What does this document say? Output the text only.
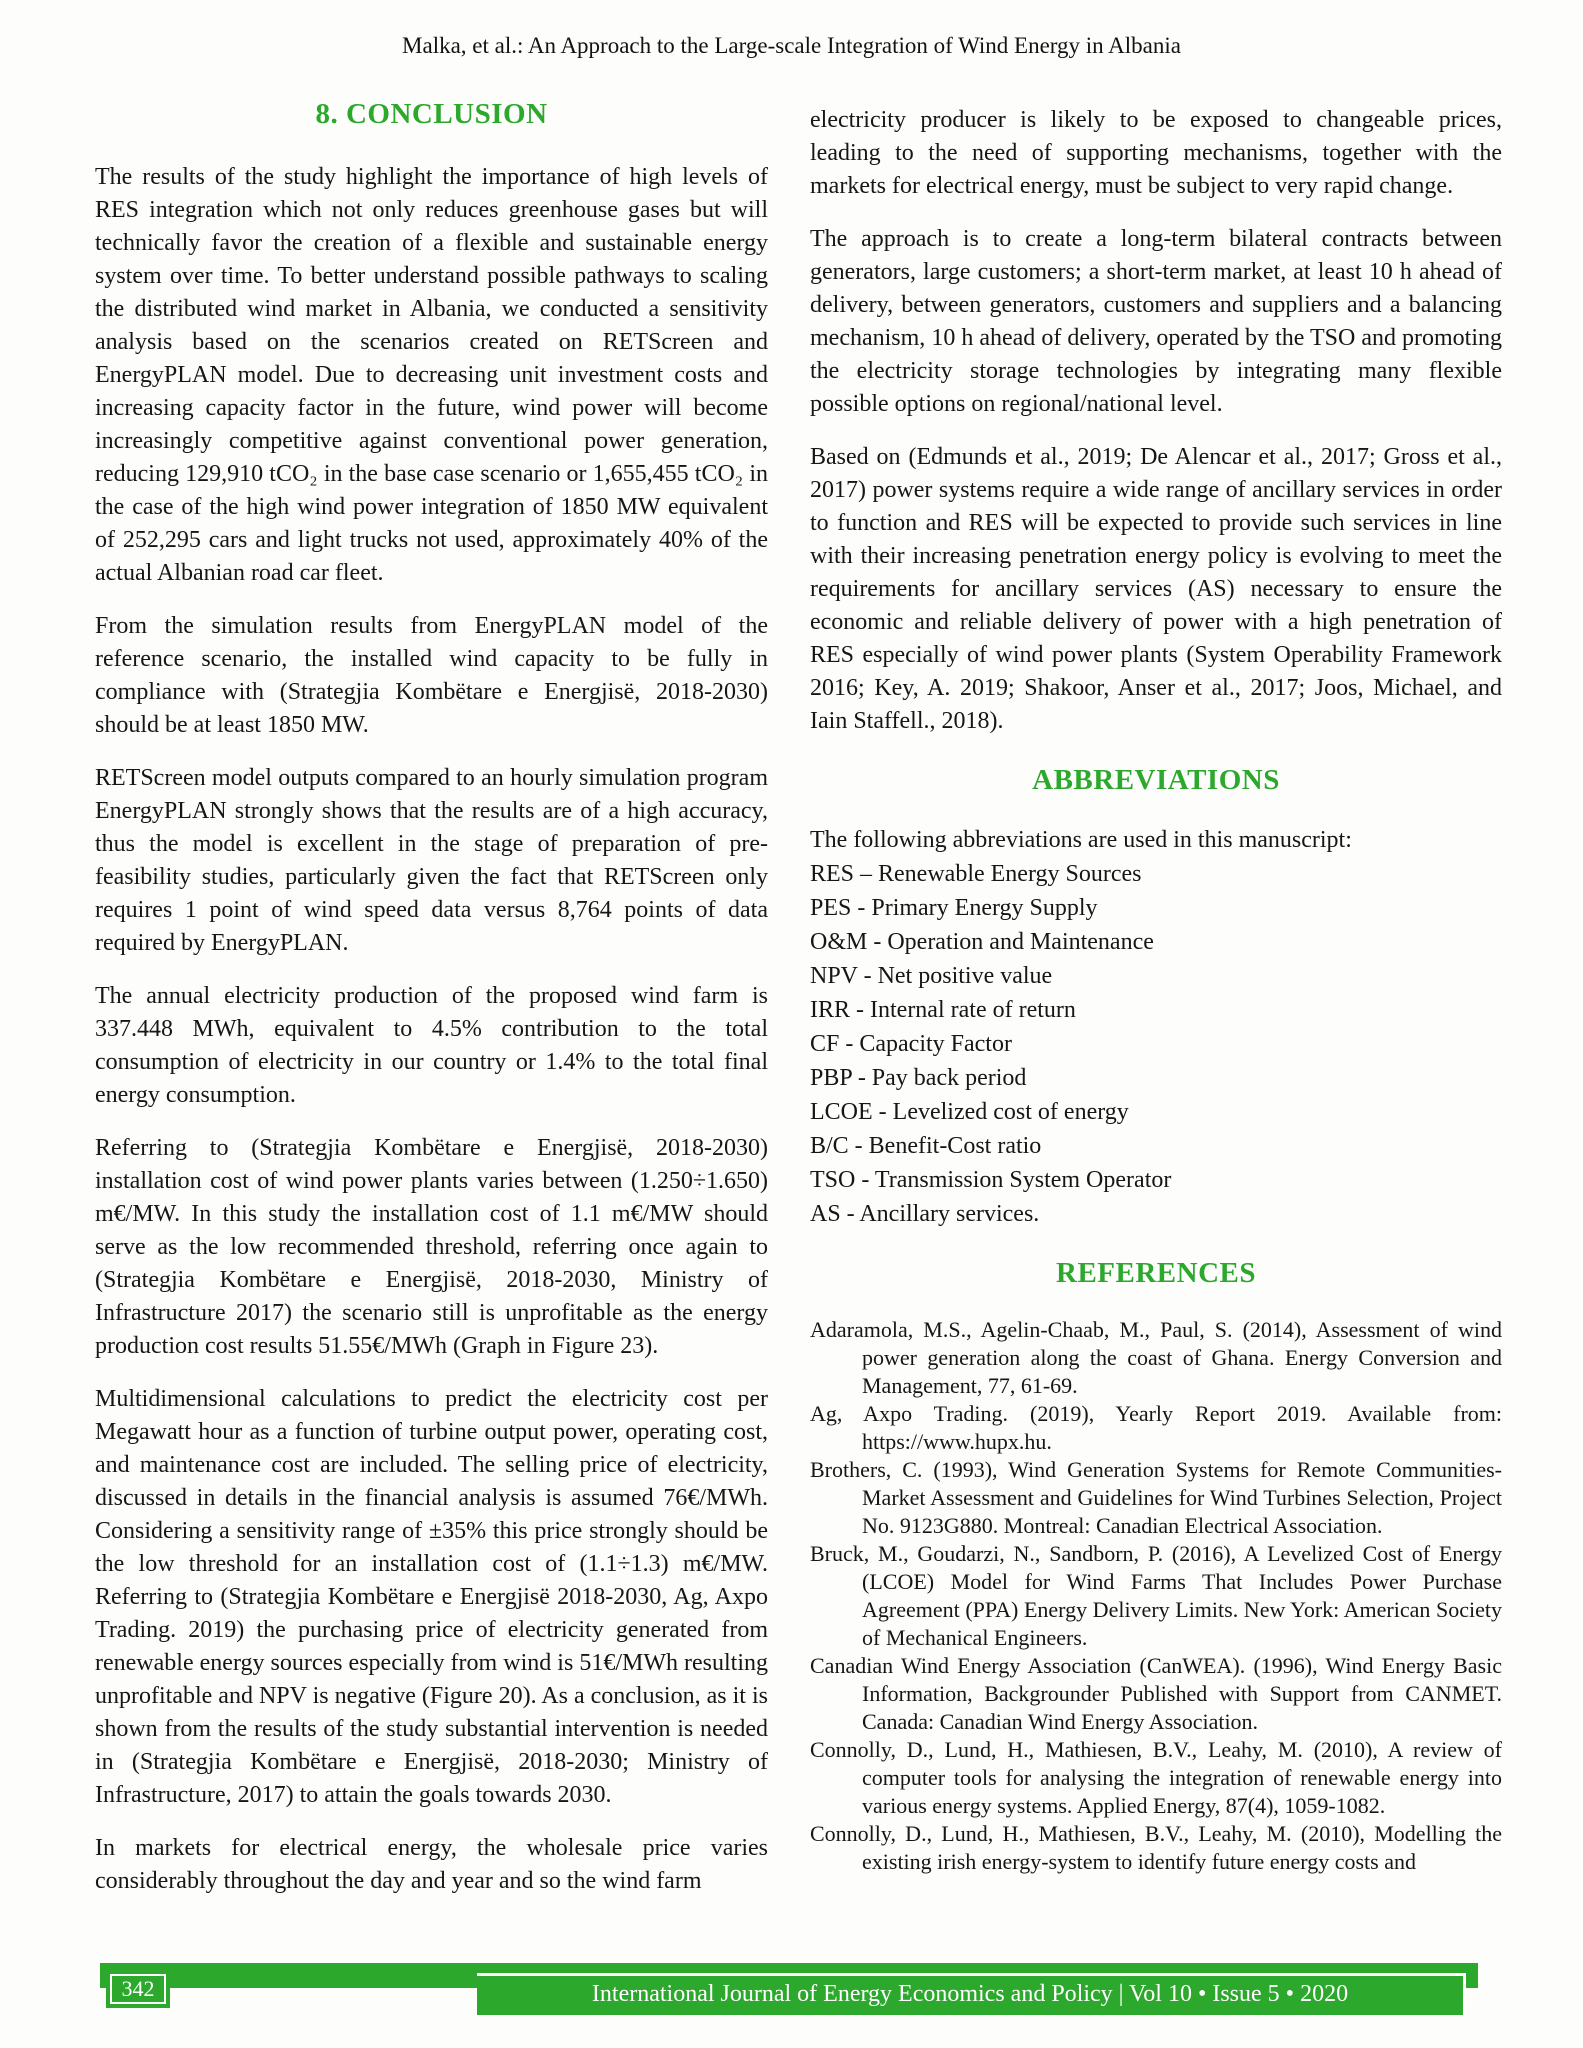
Malka, et al.: An Approach to the Large-scale Integration of Wind Energy in Albania
8. CONCLUSION

The results of the study highlight the importance of high levels of RES integration which not only reduces greenhouse gases but will technically favor the creation of a flexible and sustainable energy system over time. To better understand possible pathways to scaling the distributed wind market in Albania, we conducted a sensitivity analysis based on the scenarios created on RETScreen and EnergyPLAN model. Due to decreasing unit investment costs and increasing capacity factor in the future, wind power will become increasingly competitive against conventional power generation, reducing 129,910 tCO₂ in the base case scenario or 1,655,455 tCO₂ in the case of the high wind power integration of 1850 MW equivalent of 252,295 cars and light trucks not used, approximately 40% of the actual Albanian road car fleet.

From the simulation results from EnergyPLAN model of the reference scenario, the installed wind capacity to be fully in compliance with (Strategjia Kombëtare e Energjisë, 2018-2030) should be at least 1850 MW.

RETScreen model outputs compared to an hourly simulation program EnergyPLAN strongly shows that the results are of a high accuracy, thus the model is excellent in the stage of preparation of pre-feasibility studies, particularly given the fact that RETScreen only requires 1 point of wind speed data versus 8,764 points of data required by EnergyPLAN.

The annual electricity production of the proposed wind farm is 337.448 MWh, equivalent to 4.5% contribution to the total consumption of electricity in our country or 1.4% to the total final energy consumption.

Referring to (Strategjia Kombëtare e Energjisë, 2018-2030) installation cost of wind power plants varies between (1.250÷1.650) m€/MW. In this study the installation cost of 1.1 m€/MW should serve as the low recommended threshold, referring once again to (Strategjia Kombëtare e Energjisë, 2018-2030, Ministry of Infrastructure 2017) the scenario still is unprofitable as the energy production cost results 51.55€/MWh (Graph in Figure 23).

Multidimensional calculations to predict the electricity cost per Megawatt hour as a function of turbine output power, operating cost, and maintenance cost are included. The selling price of electricity, discussed in details in the financial analysis is assumed 76€/MWh. Considering a sensitivity range of ±35% this price strongly should be the low threshold for an installation cost of (1.1÷1.3) m€/MW. Referring to (Strategjia Kombëtare e Energjisë 2018-2030, Ag, Axpo Trading. 2019) the purchasing price of electricity generated from renewable energy sources especially from wind is 51€/MWh resulting unprofitable and NPV is negative (Figure 20). As a conclusion, as it is shown from the results of the study substantial intervention is needed in (Strategjia Kombëtare e Energjisë, 2018-2030; Ministry of Infrastructure, 2017) to attain the goals towards 2030.

In markets for electrical energy, the wholesale price varies considerably throughout the day and year and so the wind farm

electricity producer is likely to be exposed to changeable prices, leading to the need of supporting mechanisms, together with the markets for electrical energy, must be subject to very rapid change.

The approach is to create a long-term bilateral contracts between generators, large customers; a short-term market, at least 10 h ahead of delivery, between generators, customers and suppliers and a balancing mechanism, 10 h ahead of delivery, operated by the TSO and promoting the electricity storage technologies by integrating many flexible possible options on regional/national level.

Based on (Edmunds et al., 2019; De Alencar et al., 2017; Gross et al., 2017) power systems require a wide range of ancillary services in order to function and RES will be expected to provide such services in line with their increasing penetration energy policy is evolving to meet the requirements for ancillary services (AS) necessary to ensure the economic and reliable delivery of power with a high penetration of RES especially of wind power plants (System Operability Framework 2016; Key, A. 2019; Shakoor, Anser et al., 2017; Joos, Michael, and Iain Staffell., 2018).

ABBREVIATIONS
The following abbreviations are used in this manuscript:
RES – Renewable Energy Sources
PES - Primary Energy Supply
O&M - Operation and Maintenance
NPV - Net positive value
IRR - Internal rate of return
CF - Capacity Factor
PBP - Pay back period
LCOE - Levelized cost of energy
B/C - Benefit-Cost ratio
TSO - Transmission System Operator
AS - Ancillary services.
REFERENCES

Adaramola, M.S., Agelin-Chaab, M., Paul, S. (2014), Assessment of wind power generation along the coast of Ghana. Energy Conversion and Management, 77, 61-69.

Ag, Axpo Trading. (2019), Yearly Report 2019. Available from: https://www.hupx.hu.

Brothers, C. (1993), Wind Generation Systems for Remote Communities-Market Assessment and Guidelines for Wind Turbines Selection, Project No. 9123G880. Montreal: Canadian Electrical Association.

Bruck, M., Goudarzi, N., Sandborn, P. (2016), A Levelized Cost of Energy (LCOE) Model for Wind Farms That Includes Power Purchase Agreement (PPA) Energy Delivery Limits. New York: American Society of Mechanical Engineers.

Canadian Wind Energy Association (CanWEA). (1996), Wind Energy Basic Information, Backgrounder Published with Support from CANMET. Canada: Canadian Wind Energy Association.

Connolly, D., Lund, H., Mathiesen, B.V., Leahy, M. (2010), A review of computer tools for analysing the integration of renewable energy into various energy systems. Applied Energy, 87(4), 1059-1082.

Connolly, D., Lund, H., Mathiesen, B.V., Leahy, M. (2010), Modelling the existing irish energy-system to identify future energy costs and

International Journal of Energy Economics and Policy | Vol 10 • Issue 5 • 2020
342
